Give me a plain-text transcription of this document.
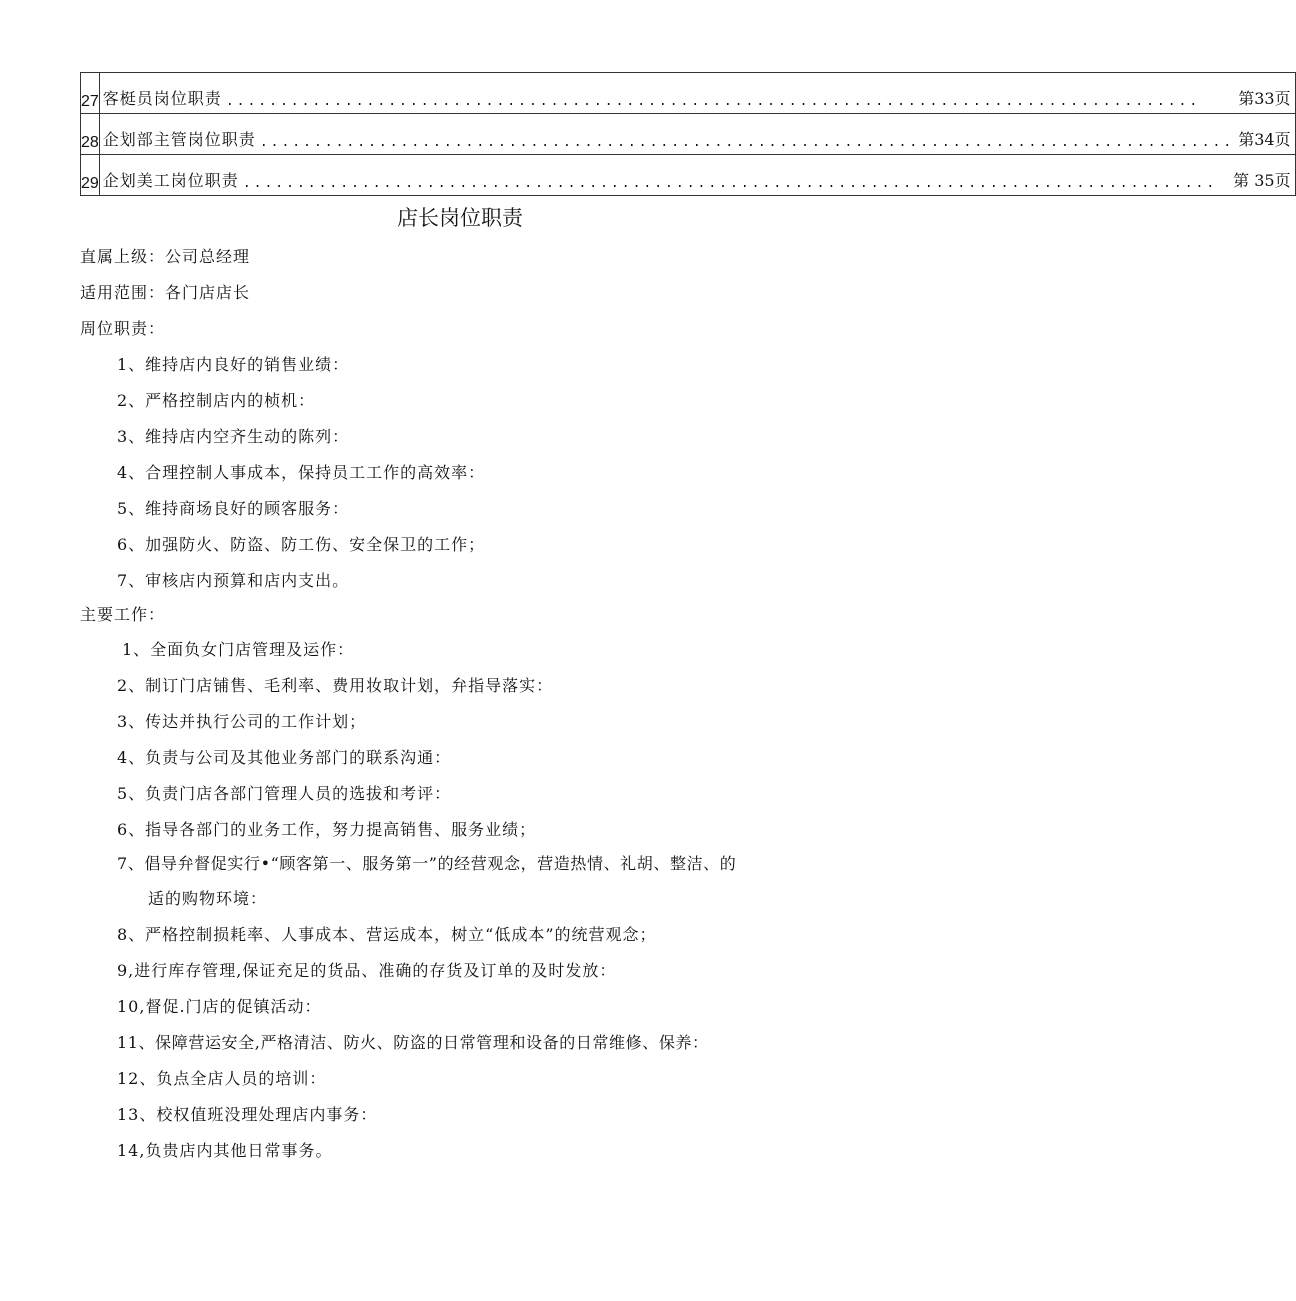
27	客梃员岗位职责 .......................................................................................... 第33页

28	企划部主管岗位职责 .......................................................................................... 第34页

29	企划美工岗位职责 .......................................................................................... 第 35页
店长岗位职责
直属上级：公司总经理
适用范围：各门店店长
周位职责：
1、维持店内良好的销售业绩：
2、严格控制店内的桢机：
3、维持店内空齐生动的陈列：
4、合理控制人事成本，保持员工工作的高效率：
5、维持商场良好的顾客服务：
6、加强防火、防盗、防工伤、安全保卫的工作；
7、审核店内预算和店内支出。
主要工作：
1、全面负女门店管理及运作：
2、制订门店铺售、毛利率、费用妆取计划，弁指导落实：
3、传达并执行公司的工作计划；
4、负责与公司及其他业务部门的联系沟通：
5、负责门店各部门管理人员的选拔和考评：
6、指导各部门的业务工作，努力提高销售、服务业绩；
7、倡导弁督促实行•“顾客第一、服务第一”的经营观念，营造热情、礼胡、整洁、的
适的购物环境：
8、严格控制损耗率、人事成本、营运成本，树立“低成本”的统营观念；
9,进行库存管理,保证充足的货品、准确的存货及订单的及时发放：
10,督促.门店的促镇活动：
11、保障营运安全,严格清洁、防火、防盗的日常管理和设备的日常维修、保养：
12、负点全店人员的培训：
13、校权值班没理处理店内事务：
14,负贵店内其他日常事务。
